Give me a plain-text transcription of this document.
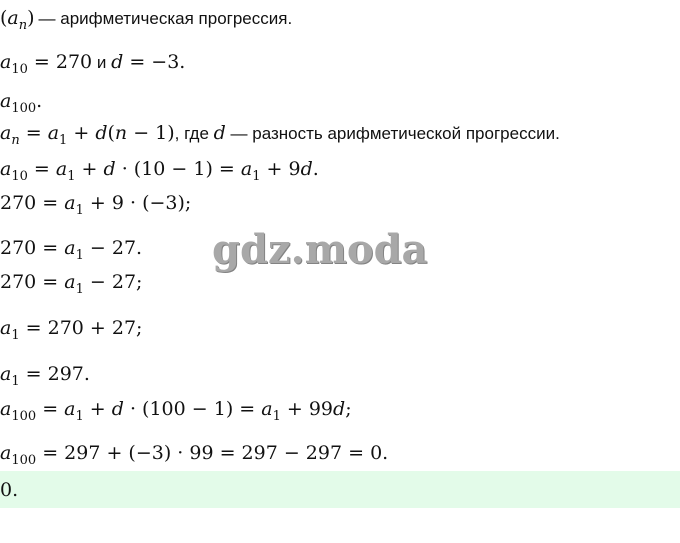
$(a_n)$ — арифметическая прогрессия.
$a_{10} = 270$ и d = −3.
$a_{100}$.
$a_n = a_1 + d(n - 1)$, где d — разность арифметической прогрессии.
$a_{10} = a_1 + d \cdot (10 - 1) = a_1 + 9d$.
$270 = a_1 + 9 \cdot (-3)$;
$270 = a_1 - 27$.
$270 = a_1 - 27$;
$a_1 = 270 + 27$;
$a_1 = 297$.
$a_{100} = a_1 + d \cdot (100 - 1) = a_1 + 99d$;
$a_{100} = 297 + (-3) \cdot 99 = 297 - 297 = 0$.
0.
gdz.moda
